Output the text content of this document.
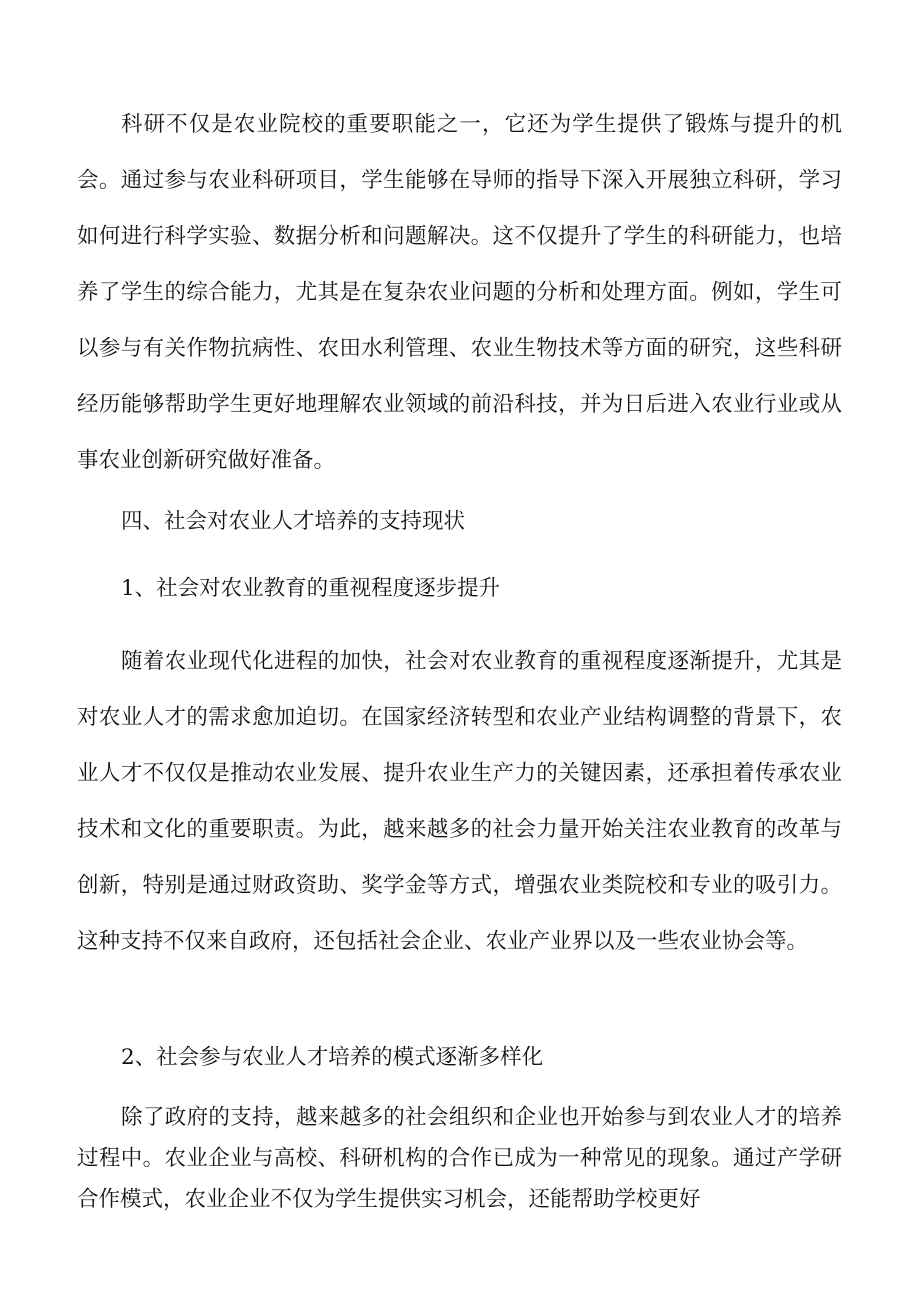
科研不仅是农业院校的重要职能之一，它还为学生提供了锻炼与提升的机会。通过参与农业科研项目，学生能够在导师的指导下深入开展独立科研，学习如何进行科学实验、数据分析和问题解决。这不仅提升了学生的科研能力，也培养了学生的综合能力，尤其是在复杂农业问题的分析和处理方面。例如，学生可以参与有关作物抗病性、农田水利管理、农业生物技术等方面的研究，这些科研经历能够帮助学生更好地理解农业领域的前沿科技，并为日后进入农业行业或从事农业创新研究做好准备。

四、社会对农业人才培养的支持现状

1、社会对农业教育的重视程度逐步提升

随着农业现代化进程的加快，社会对农业教育的重视程度逐渐提升，尤其是对农业人才的需求愈加迫切。在国家经济转型和农业产业结构调整的背景下，农业人才不仅仅是推动农业发展、提升农业生产力的关键因素，还承担着传承农业技术和文化的重要职责。为此，越来越多的社会力量开始关注农业教育的改革与创新，特别是通过财政资助、奖学金等方式，增强农业类院校和专业的吸引力。这种支持不仅来自政府，还包括社会企业、农业产业界以及一些农业协会等。

2、社会参与农业人才培养的模式逐渐多样化

除了政府的支持，越来越多的社会组织和企业也开始参与到农业人才的培养过程中。农业企业与高校、科研机构的合作已成为一种常见的现象。通过产学研合作模式，农业企业不仅为学生提供实习机会，还能帮助学校更好
